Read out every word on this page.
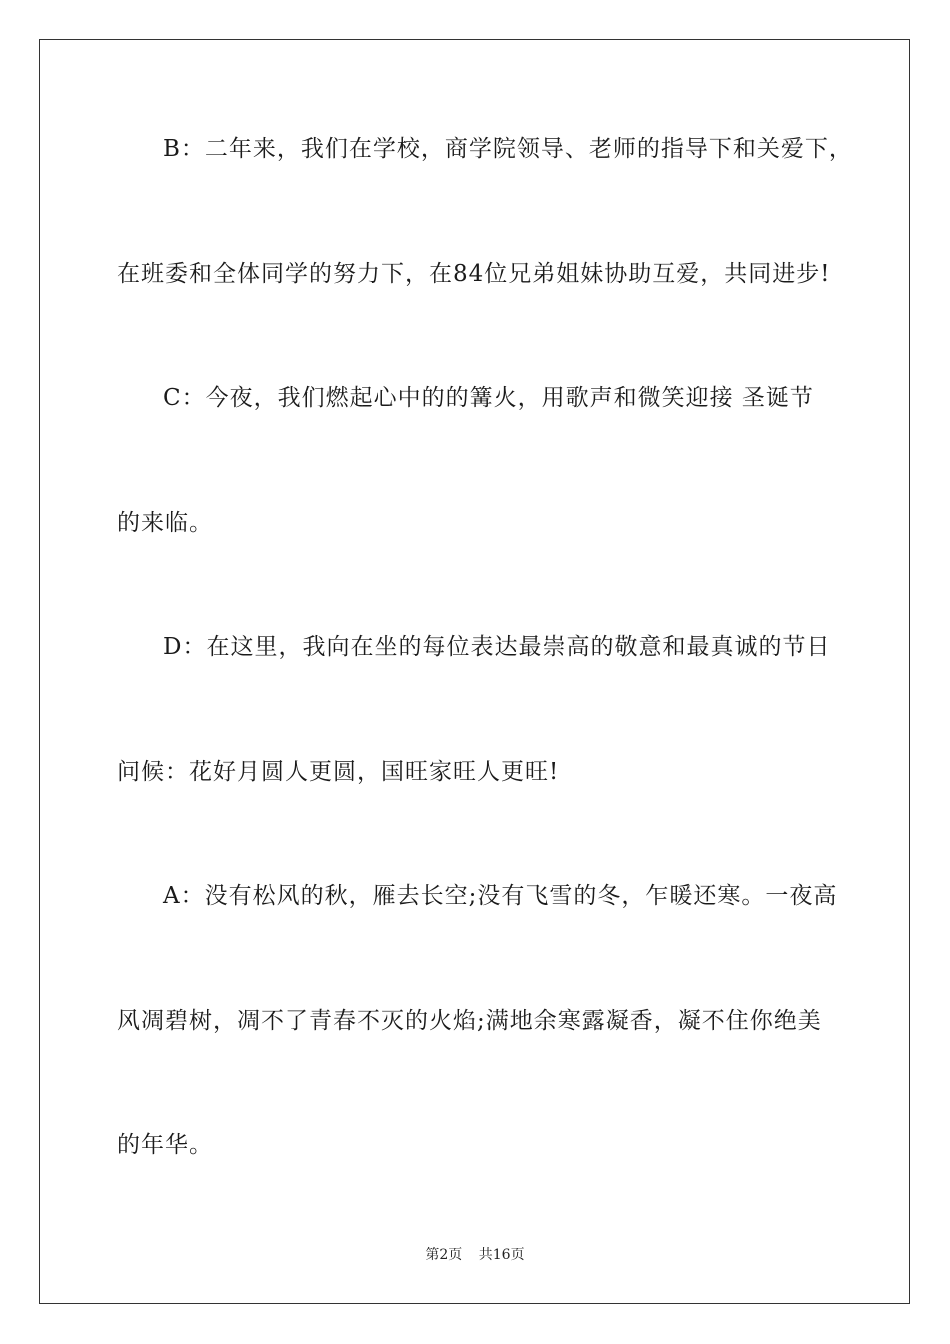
B：二年来，我们在学校，商学院领导、老师的指导下和关爱下，
在班委和全体同学的努力下，在84位兄弟姐妹协助互爱，共同进步!
C：今夜，我们燃起心中的的篝火，用歌声和微笑迎接 圣诞节
的来临。
D：在这里，我向在坐的每位表达最崇高的敬意和最真诚的节日
问候：花好月圆人更圆，国旺家旺人更旺!
A：没有松风的秋，雁去长空;没有飞雪的冬，乍暖还寒。一夜高
风凋碧树，凋不了青春不灭的火焰;满地余寒露凝香，凝不住你绝美
的年华。
第2页 共16页
